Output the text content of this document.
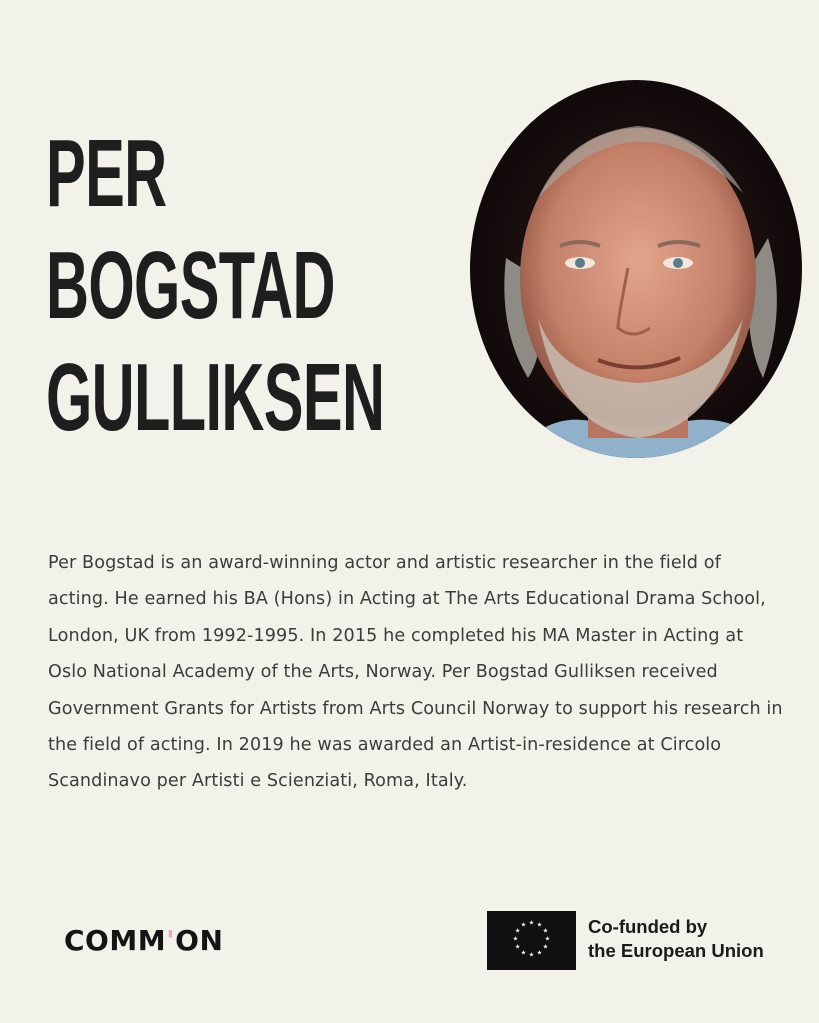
PER
BOGSTAD
GULLIKSEN

Per Bogstad is an award-winning actor and artistic researcher in the field of acting. He earned his BA (Hons) in Acting at The Arts Educational Drama School, London, UK from 1992-1995. In 2015 he completed his MA Master in Acting at Oslo National Academy of the Arts, Norway. Per Bogstad Gulliksen received Government Grants for Artists from Arts Council Norway to support his research in the field of acting. In 2019 he was awarded an Artist-in-residence at Circolo Scandinavo per Artisti e Scienziati, Roma, Italy.

COMM'ON
★ ★
★
★
★
★
★
★
★
★
★
★	Co-funded by
the European Union
